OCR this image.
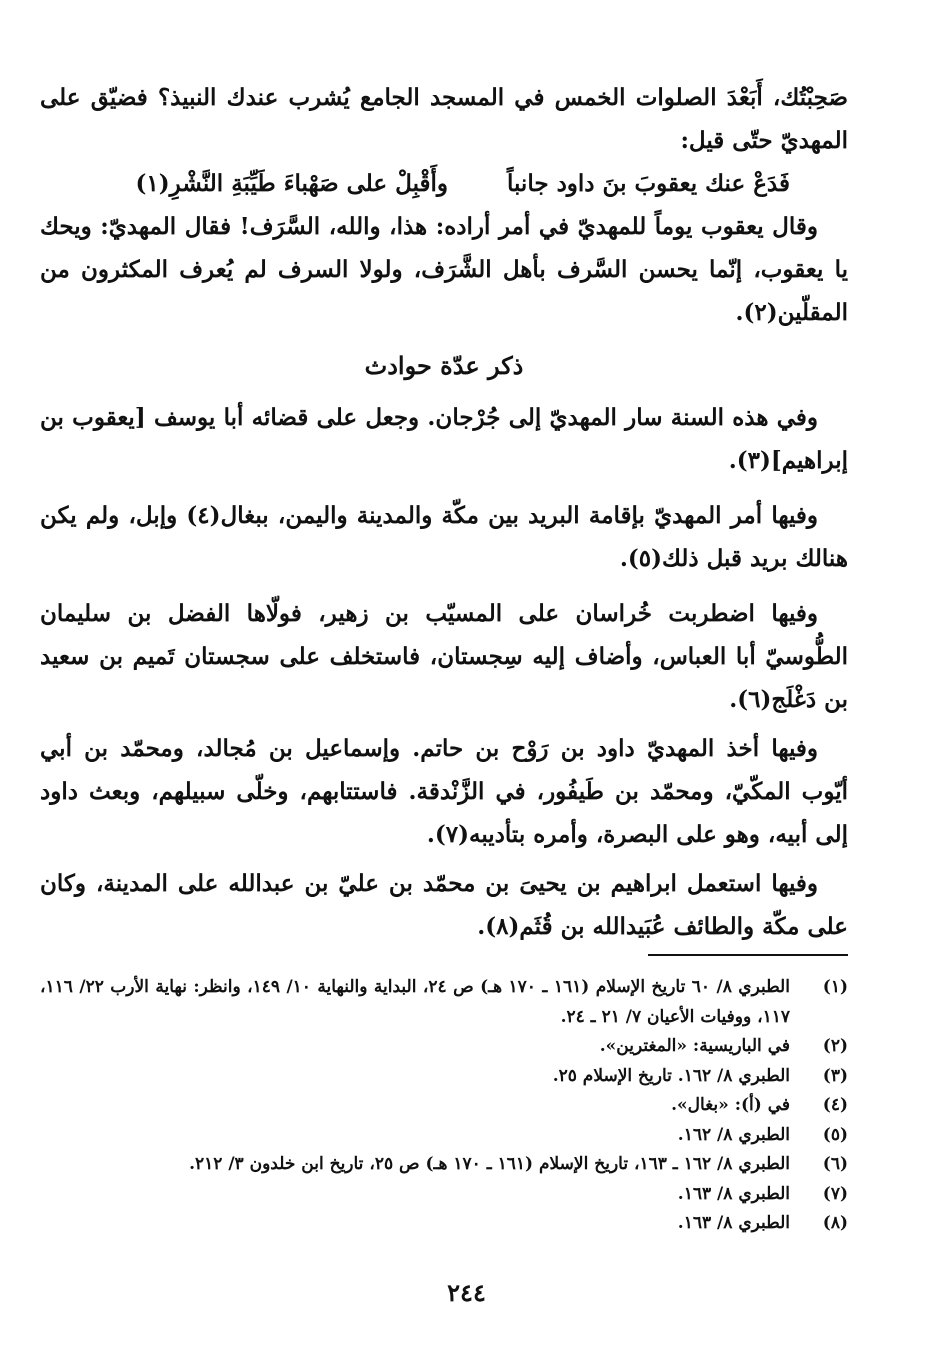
صَحِبْتُك، أَبَعْدَ الصلوات الخمس في المسجد الجامع يُشرب عندك النبيذ؟ فضيّق على المهديّ حتّى قيل:

فَدَعْ عنك يعقوبَ بنَ داود جانباً
وأَقْبِلْ على صَهْباءَ طَيِّبَةِ النَّشْرِ(١)

وقال يعقوب يوماً للمهديّ في أمر أراده: هذا، والله، السَّرَف! فقال المهديّ: ويحك يا يعقوب، إنّما يحسن السَّرف بأهل الشَّرَف، ولولا السرف لم يُعرف المكثرون من المقلّين(٢).

ذكر عدّة حوادث

وفي هذه السنة سار المهديّ إلى جُرْجان. وجعل على قضائه أبا يوسف [يعقوب بن إبراهيم](٣).

وفيها أمر المهديّ بإقامة البريد بين مكّة والمدينة واليمن، ببغال(٤) وإبل، ولم يكن هنالك بريد قبل ذلك(٥).

وفيها اضطربت خُراسان على المسيّب بن زهير، فولّاها الفضل بن سليمان الطُّوسيّ أبا العباس، وأضاف إليه سِجستان، فاستخلف على سجستان تَميم بن سعيد بن دَغْلَج(٦).

وفيها أخذ المهديّ داود بن رَوْح بن حاتم. وإسماعيل بن مُجالد، ومحمّد بن أبي أيّوب المكّيّ، ومحمّد بن طَيفُور، في الزَّنْدقة. فاستتابهم، وخلّى سبيلهم، وبعث داود إلى أبيه، وهو على البصرة، وأمره بتأديبه(٧).

وفيها استعمل ابراهيم بن يحيىَ بن محمّد بن عليّ بن عبدالله على المدينة، وكان على مكّة والطائف عُبَيدالله بن قُثَم(٨).

(١)
الطبري ٨/ ٦٠ تاريخ الإسلام (١٦١ ـ ١٧٠ هـ) ص ٢٤، البداية والنهاية ١٠/ ١٤٩، وانظر: نهاية الأرب ٢٢/ ١١٦، ١١٧، ووفيات الأعيان ٧/ ٢١ ـ ٢٤.
(٢)
في الباريسية: «المغترين».
(٣)
الطبري ٨/ ١٦٢. تاريخ الإسلام ٢٥.
(٤)
في (أ): «بغال».
(٥)
الطبري ٨/ ١٦٢.
(٦)
الطبري ٨/ ١٦٢ ـ ١٦٣، تاريخ الإسلام (١٦١ ـ ١٧٠ هـ) ص ٢٥، تاريخ ابن خلدون ٣/ ٢١٢.
(٧)
الطبري ٨/ ١٦٣.
(٨)
الطبري ٨/ ١٦٣.
٢٤٤
